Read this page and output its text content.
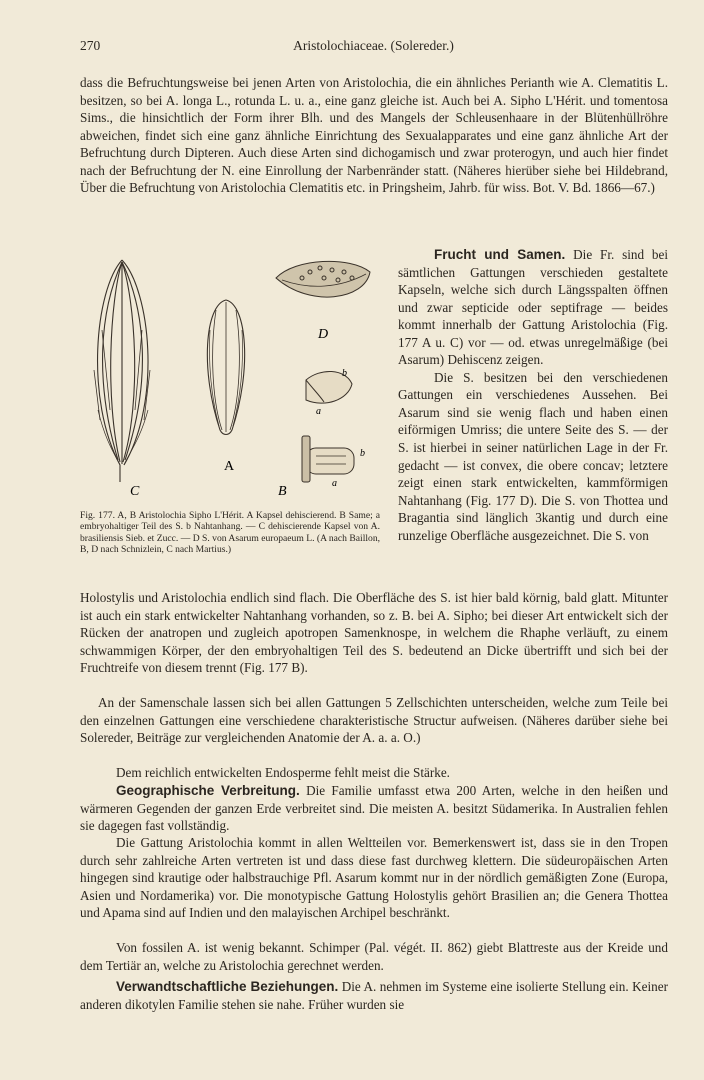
270	Aristolochiaceae. (Solereder.)

dass die Befruchtungsweise bei jenen Arten von Aristolochia, die ein ähnliches Perianth wie A. Clematitis L. besitzen, so bei A. longa L., rotunda L. u. a., eine ganz gleiche ist. Auch bei A. Sipho L'Hérit. und tomentosa Sims., die hinsichtlich der Form ihrer Blh. und des Mangels der Schleusenhaare in der Blütenhüllröhre abweichen, findet sich eine ganz ähnliche Einrichtung des Sexualapparates und eine ganz ähnliche Art der Befruchtung durch Dipteren. Auch diese Arten sind dichogamisch und zwar proterogyn, und auch hier findet nach der Befruchtung der N. eine Einrollung der Narbenränder statt. (Näheres hierüber siehe bei Hildebrand, Über die Befruchtung von Aristolochia Clematitis etc. in Pringsheim, Jahrb. für wiss. Bot. V. Bd. 1866—67.)

C
A
B
D
b
a
b
a

Fig. 177. A, B Aristolochia Sipho L'Hérit. A Kapsel dehiscierend. B Same; a embryohaltiger Teil des S. b Nahtanhang. — C dehiscierende Kapsel von A. brasiliensis Sieb. et Zucc. — D S. von Asarum europaeum L. (A nach Baillon, B, D nach Schnizlein, C nach Martius.)

Frucht und Samen. Die Fr. sind bei sämtlichen Gattungen verschieden gestaltete Kapseln, welche sich durch Längsspalten öffnen und zwar septicide oder septifrage — beides kommt innerhalb der Gattung Aristolochia (Fig. 177 A u. C) vor — od. etwas unregelmäßige (bei Asarum) Dehiscenz zeigen.

Die S. besitzen bei den verschiedenen Gattungen ein verschiedenes Aussehen. Bei Asarum sind sie wenig flach und haben einen eiförmigen Umriss; die untere Seite des S. — der S. ist hierbei in seiner natürlichen Lage in der Fr. gedacht — ist convex, die obere concav; letztere zeigt einen stark entwickelten, kammförmigen Nahtanhang (Fig. 177 D). Die S. von Thottea und Bragantia sind länglich 3kantig und durch eine runzelige Oberfläche ausgezeichnet. Die S. von

Holostylis und Aristolochia endlich sind flach. Die Oberfläche des S. ist hier bald körnig, bald glatt. Mitunter ist auch ein stark entwickelter Nahtanhang vorhanden, so z. B. bei A. Sipho; bei dieser Art entwickelt sich der Rücken der anatropen und zugleich apotropen Samenknospe, in welchem die Rhaphe verläuft, zu einem schwammigen Körper, der den embryohaltigen Teil des S. bedeutend an Dicke übertrifft und sich bei der Fruchtreife von diesem trennt (Fig. 177 B).

An der Samenschale lassen sich bei allen Gattungen 5 Zellschichten unterscheiden, welche zum Teile bei den einzelnen Gattungen eine verschiedene charakteristische Structur aufweisen. (Näheres darüber siehe bei Solereder, Beiträge zur vergleichenden Anatomie der A. a. a. O.)

Dem reichlich entwickelten Endosperme fehlt meist die Stärke.

Geographische Verbreitung. Die Familie umfasst etwa 200 Arten, welche in den heißen und wärmeren Gegenden der ganzen Erde verbreitet sind. Die meisten A. besitzt Südamerika. In Australien fehlen sie dagegen fast vollständig.

Die Gattung Aristolochia kommt in allen Weltteilen vor. Bemerkenswert ist, dass sie in den Tropen durch sehr zahlreiche Arten vertreten ist und dass diese fast durchweg klettern. Die südeuropäischen Arten hingegen sind krautige oder halbstrauchige Pfl. Asarum kommt nur in der nördlich gemäßigten Zone (Europa, Asien und Nordamerika) vor. Die monotypische Gattung Holostylis gehört Brasilien an; die Genera Thottea und Apama sind auf Indien und den malayischen Archipel beschränkt.

Von fossilen A. ist wenig bekannt. Schimper (Pal. végét. II. 862) giebt Blattreste aus der Kreide und dem Tertiär an, welche zu Aristolochia gerechnet werden.

Verwandtschaftliche Beziehungen. Die A. nehmen im Systeme eine isolierte Stellung ein. Keiner anderen dikotylen Familie stehen sie nahe. Früher wurden sie
